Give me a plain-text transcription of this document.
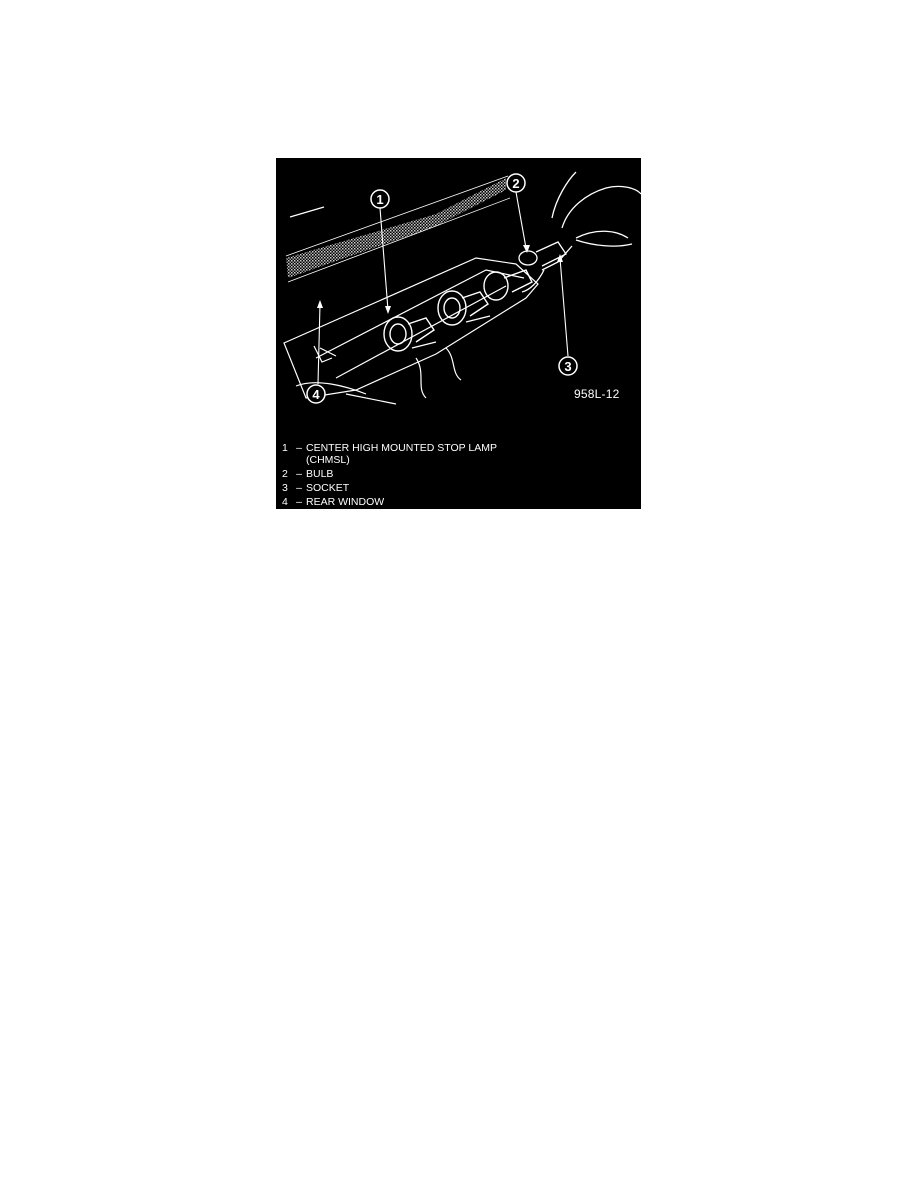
1
2
3
4	958L-12
1 – CENTER HIGH MOUNTED STOP LAMP
(CHMSL)
2 – BULB
3 – SOCKET
4 – REAR WINDOW
